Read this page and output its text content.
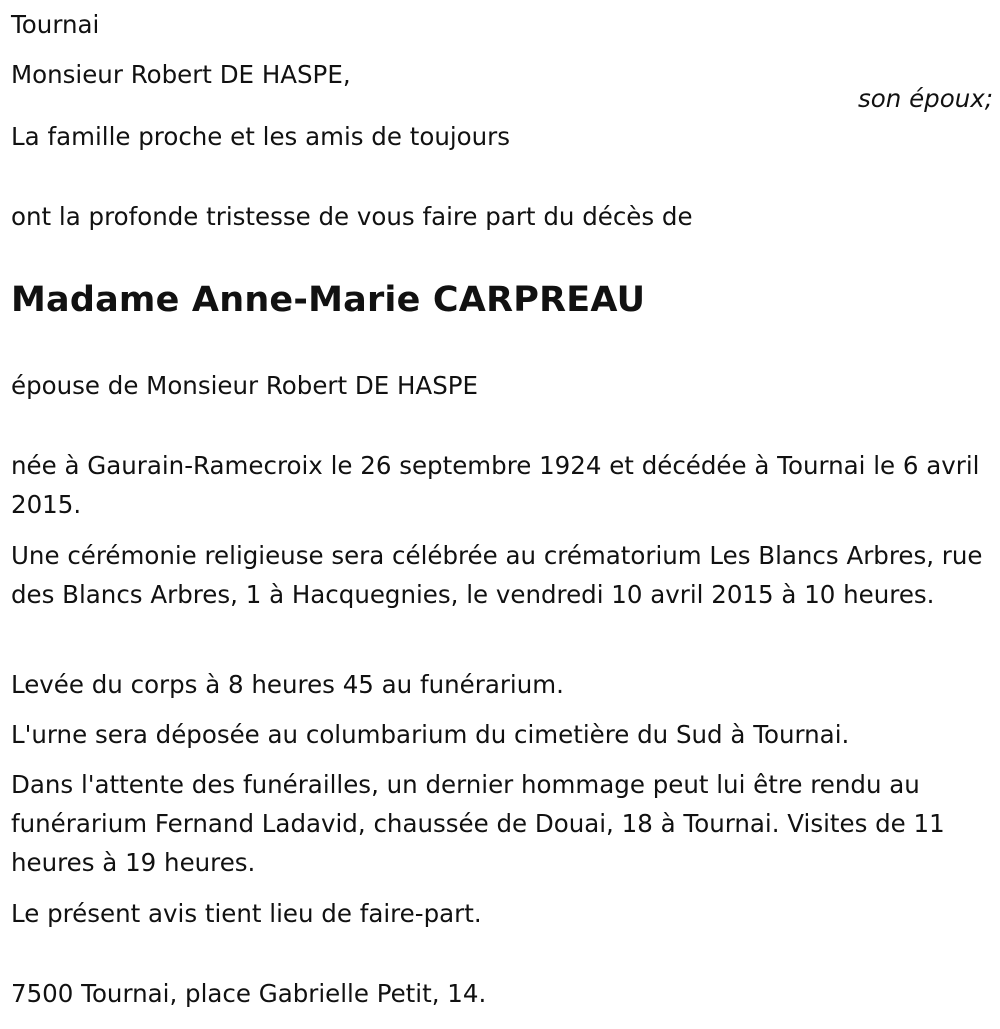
Tournai
Monsieur Robert DE HASPE,
son époux;
La famille proche et les amis de toujours
ont la profonde tristesse de vous faire part du décès de
Madame Anne-Marie CARPREAU
épouse de Monsieur Robert DE HASPE
née à Gaurain-Ramecroix le 26 septembre 1924 et décédée à Tournai le 6 avril 2015.
Une cérémonie religieuse sera célébrée au crématorium Les Blancs Arbres, rue des Blancs Arbres, 1 à Hacquegnies, le vendredi 10 avril 2015 à 10 heures.
Levée du corps à 8 heures 45 au funérarium.
L'urne sera déposée au columbarium du cimetière du Sud à Tournai.
Dans l'attente des funérailles, un dernier hommage peut lui être rendu au funérarium Fernand Ladavid, chaussée de Douai, 18 à Tournai. Visites de 11 heures à 19 heures.
Le présent avis tient lieu de faire-part.
7500 Tournai, place Gabrielle Petit, 14.
